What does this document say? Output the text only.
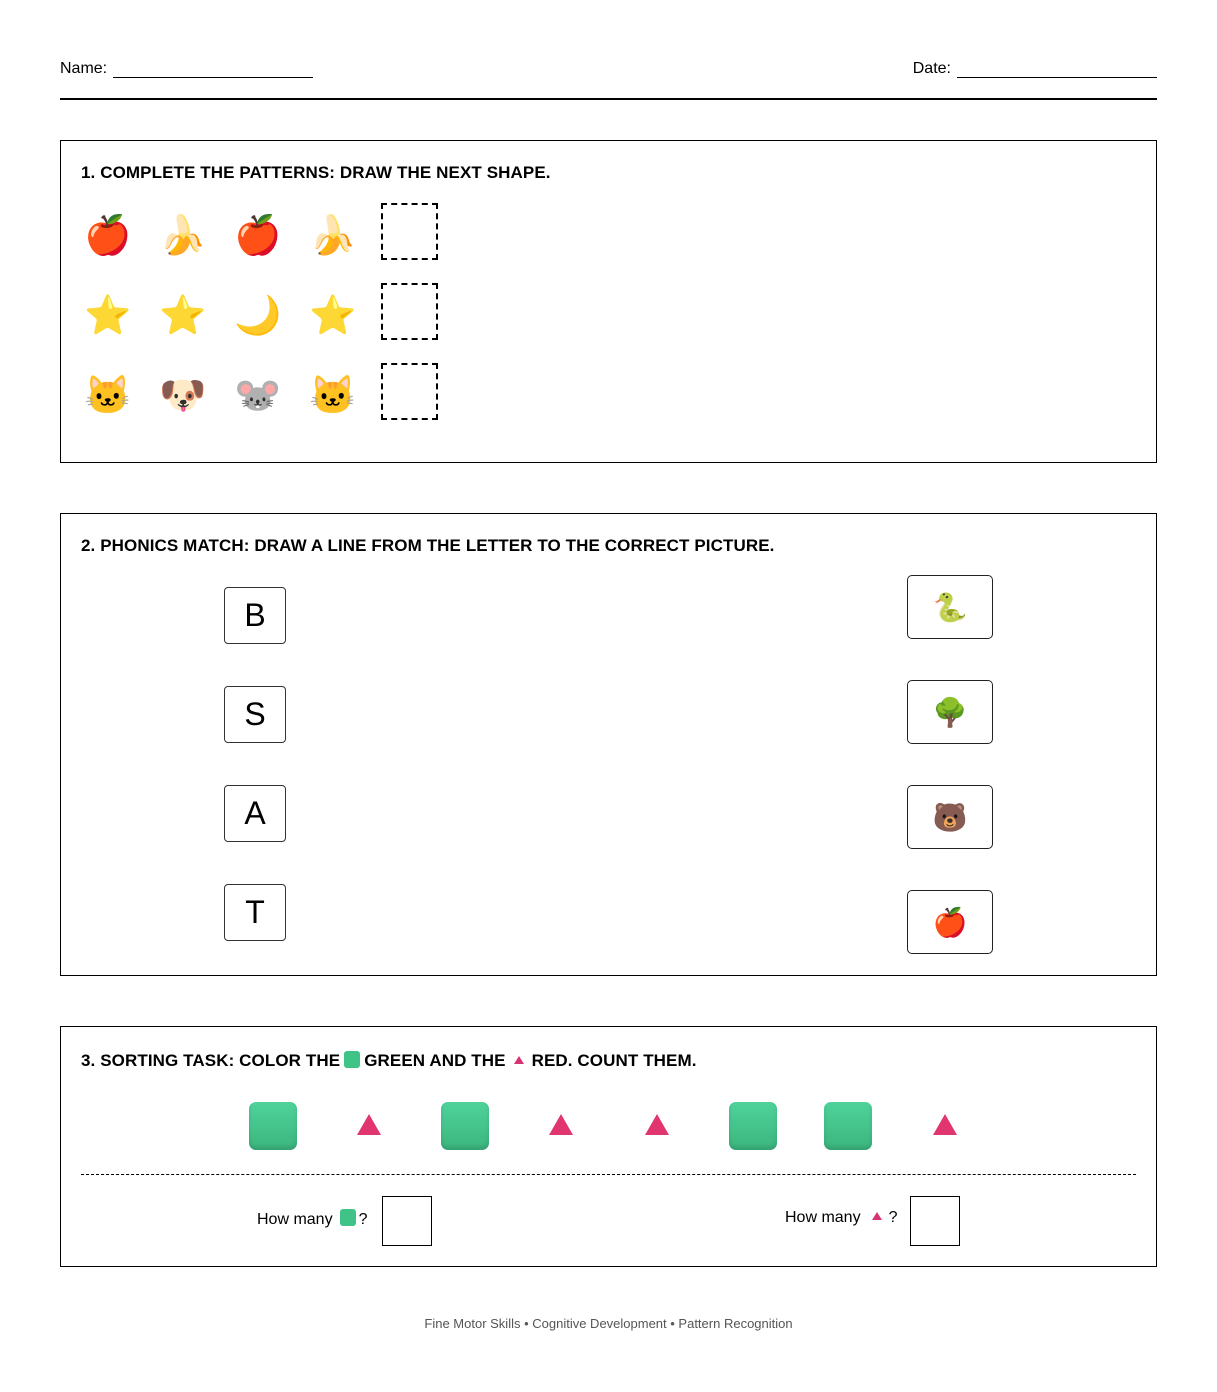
Name:	Date:
1. COMPLETE THE PATTERNS: DRAW THE NEXT SHAPE.
🍎 🍌 🍎 🍌
⭐ ⭐ 🌙 ⭐
🐱 🐶 🐭 🐱
2. PHONICS MATCH: DRAW A LINE FROM THE LETTER TO THE CORRECT PICTURE.
B
S
A
T
🐍
🌳
🐻
🍎
3. SORTING TASK: COLOR THE GREEN AND THE RED. COUNT THEM.
How many ?	How many ?
Fine Motor Skills • Cognitive Development • Pattern Recognition
